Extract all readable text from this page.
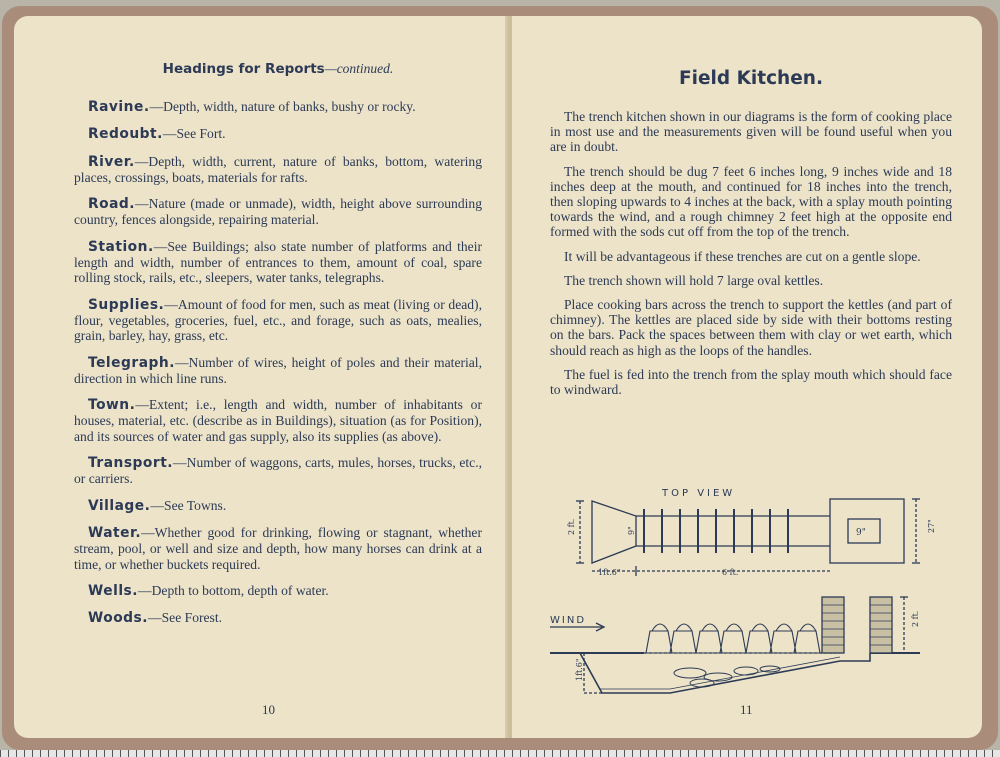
Headings for Reports—continued.

Ravine.—Depth, width, nature of banks, bushy or rocky.

Redoubt.—See Fort.

River.—Depth, width, current, nature of banks, bottom, watering places, crossings, boats, materials for rafts.

Road.—Nature (made or unmade), width, height above surrounding country, fences alongside, repairing material.

Station.—See Buildings; also state number of platforms and their length and width, number of entrances to them, amount of coal, spare rolling stock, rails, etc., sleepers, water tanks, telegraphs.

Supplies.—Amount of food for men, such as meat (living or dead), flour, vegetables, groceries, fuel, etc., and forage, such as oats, mealies, grain, barley, hay, grass, etc.

Telegraph.—Number of wires, height of poles and their material, direction in which line runs.

Town.—Extent; i.e., length and width, number of inhabitants or houses, material, etc. (describe as in Buildings), situation (as for Position), and its sources of water and gas supply, also its supplies (as above).

Transport.—Number of waggons, carts, mules, horses, trucks, etc., or carriers.

Village.—See Towns.

Water.—Whether good for drinking, flowing or stagnant, whether stream, pool, or well and size and depth, how many horses can drink at a time, or whether buckets required.

Wells.—Depth to bottom, depth of water.

Woods.—See Forest.

10
Field Kitchen.

The trench kitchen shown in our diagrams is the form of cooking place in most use and the measurements given will be found useful when you are in doubt.

The trench should be dug 7 feet 6 inches long, 9 inches wide and 18 inches deep at the mouth, and continued for 18 inches into the trench, then sloping upwards to 4 inches at the back, with a splay mouth pointing towards the wind, and a rough chimney 2 feet high at the opposite end formed with the sods cut off from the top of the trench.

It will be advantageous if these trenches are cut on a gentle slope.

The trench shown will hold 7 large oval kettles.

Place cooking bars across the trench to support the kettles (and part of chimney). The kettles are placed side by side with their bottoms resting on the bars. Pack the spaces between them with clay or wet earth, which should reach as high as the loops of the handles.

The fuel is fed into the trench from the splay mouth which should face to windward.

TOP VIEW
2 ft.	9"
9"	27"
1ft.6"	6 ft.
WIND	2 ft.
1ft.6"
11
